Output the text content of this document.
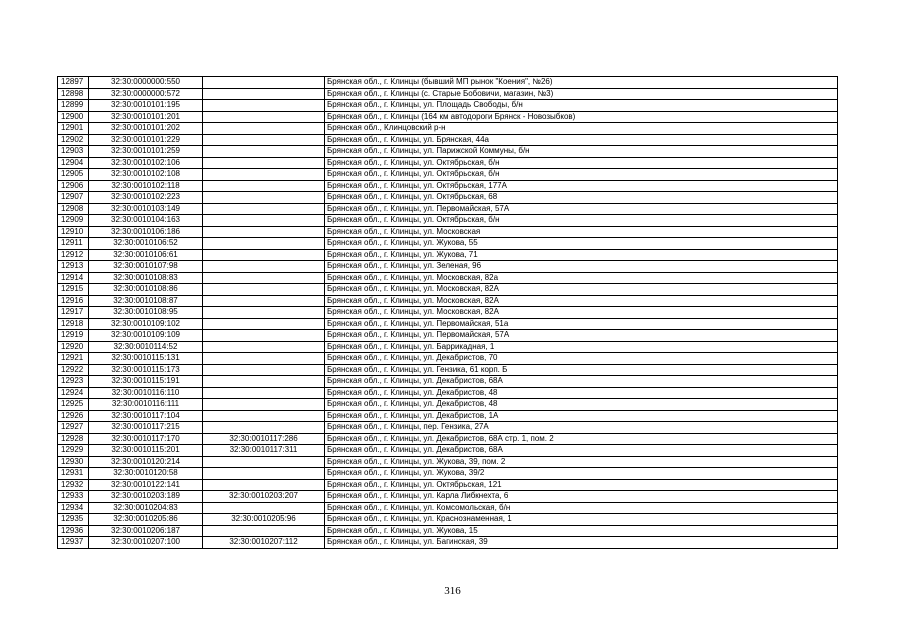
12897	32:30:0000000:550		Брянская обл., г. Клинцы (бывший МП рынок "Коения", №26)
12898	32:30:0000000:572		Брянская обл., г. Клинцы (с. Старые Бобовичи, магазин, №3)
12899	32:30:0010101:195		Брянская обл., г. Клинцы, ул. Площадь Свободы, б/н
12900	32:30:0010101:201		Брянская обл., г. Клинцы (164 км автодороги Брянск - Новозыбков)
12901	32:30:0010101:202		Брянская обл., Клинцовский р-н
12902	32:30:0010101:229		Брянская обл., г. Клинцы, ул. Брянская, 44а
12903	32:30:0010101:259		Брянская обл., г. Клинцы, ул. Парижской Коммуны, б/н
12904	32:30:0010102:106		Брянская обл., г. Клинцы, ул. Октябрьская, б/н
12905	32:30:0010102:108		Брянская обл., г. Клинцы, ул. Октябрьская, б/н
12906	32:30:0010102:118		Брянская обл., г. Клинцы, ул. Октябрьская, 177А
12907	32:30:0010102:223		Брянская обл., г. Клинцы, ул. Октябрьская, 68
12908	32:30:0010103:149		Брянская обл., г. Клинцы, ул. Первомайская, 57А
12909	32:30:0010104:163		Брянская обл., г. Клинцы, ул. Октябрьская, б/н
12910	32:30:0010106:186		Брянская обл., г. Клинцы, ул. Московская
12911	32:30:0010106:52		Брянская обл., г. Клинцы, ул. Жукова, 55
12912	32:30:0010106:61		Брянская обл., г. Клинцы, ул. Жукова, 71
12913	32:30:0010107:98		Брянская обл., г. Клинцы, ул. Зеленая, 96
12914	32:30:0010108:83		Брянская обл., г. Клинцы, ул. Московская, 82а
12915	32:30:0010108:86		Брянская обл., г. Клинцы, ул. Московская, 82А
12916	32:30:0010108:87		Брянская обл., г. Клинцы, ул. Московская, 82А
12917	32:30:0010108:95		Брянская обл., г. Клинцы, ул. Московская, 82А
12918	32:30:0010109:102		Брянская обл., г. Клинцы, ул. Первомайская, 51а
12919	32:30:0010109:109		Брянская обл., г. Клинцы, ул. Первомайская, 57А
12920	32:30:0010114:52		Брянская обл., г. Клинцы, ул. Баррикадная, 1
12921	32:30:0010115:131		Брянская обл., г. Клинцы, ул. Декабристов, 70
12922	32:30:0010115:173		Брянская обл., г. Клинцы, ул. Гензика, 61 корп. Б
12923	32:30:0010115:191		Брянская обл., г. Клинцы, ул. Декабристов, 68А
12924	32:30:0010116:110		Брянская обл., г. Клинцы, ул. Декабристов, 48
12925	32:30:0010116:111		Брянская обл., г. Клинцы, ул. Декабристов, 48
12926	32:30:0010117:104		Брянская обл., г. Клинцы, ул. Декабристов, 1А
12927	32:30:0010117:215		Брянская обл., г. Клинцы, пер. Гензика, 27А
12928	32:30:0010117:170	32:30:0010117:286	Брянская обл., г. Клинцы, ул. Декабристов, 68А стр. 1, пом. 2
12929	32:30:0010115:201	32:30:0010117:311	Брянская обл., г. Клинцы, ул. Декабристов, 68А
12930	32:30:0010120:214		Брянская обл., г. Клинцы, ул. Жукова, 39, пом. 2
12931	32:30:0010120:58		Брянская обл., г. Клинцы, ул. Жукова, 39/2
12932	32:30:0010122:141		Брянская обл., г. Клинцы, ул. Октябрьская, 121
12933	32:30:0010203:189	32:30:0010203:207	Брянская обл., г. Клинцы, ул. Карла Либкнехта, 6
12934	32:30:0010204:83		Брянская обл., г. Клинцы, ул. Комсомольская, б/н
12935	32:30:0010205:86	32:30:0010205:96	Брянская обл., г. Клинцы, ул. Краснознаменная, 1
12936	32:30:0010206:187		Брянская обл., г. Клинцы, ул. Жукова, 15
12937	32:30:0010207:100	32:30:0010207:112	Брянская обл., г. Клинцы, ул. Багинская, 39
316
